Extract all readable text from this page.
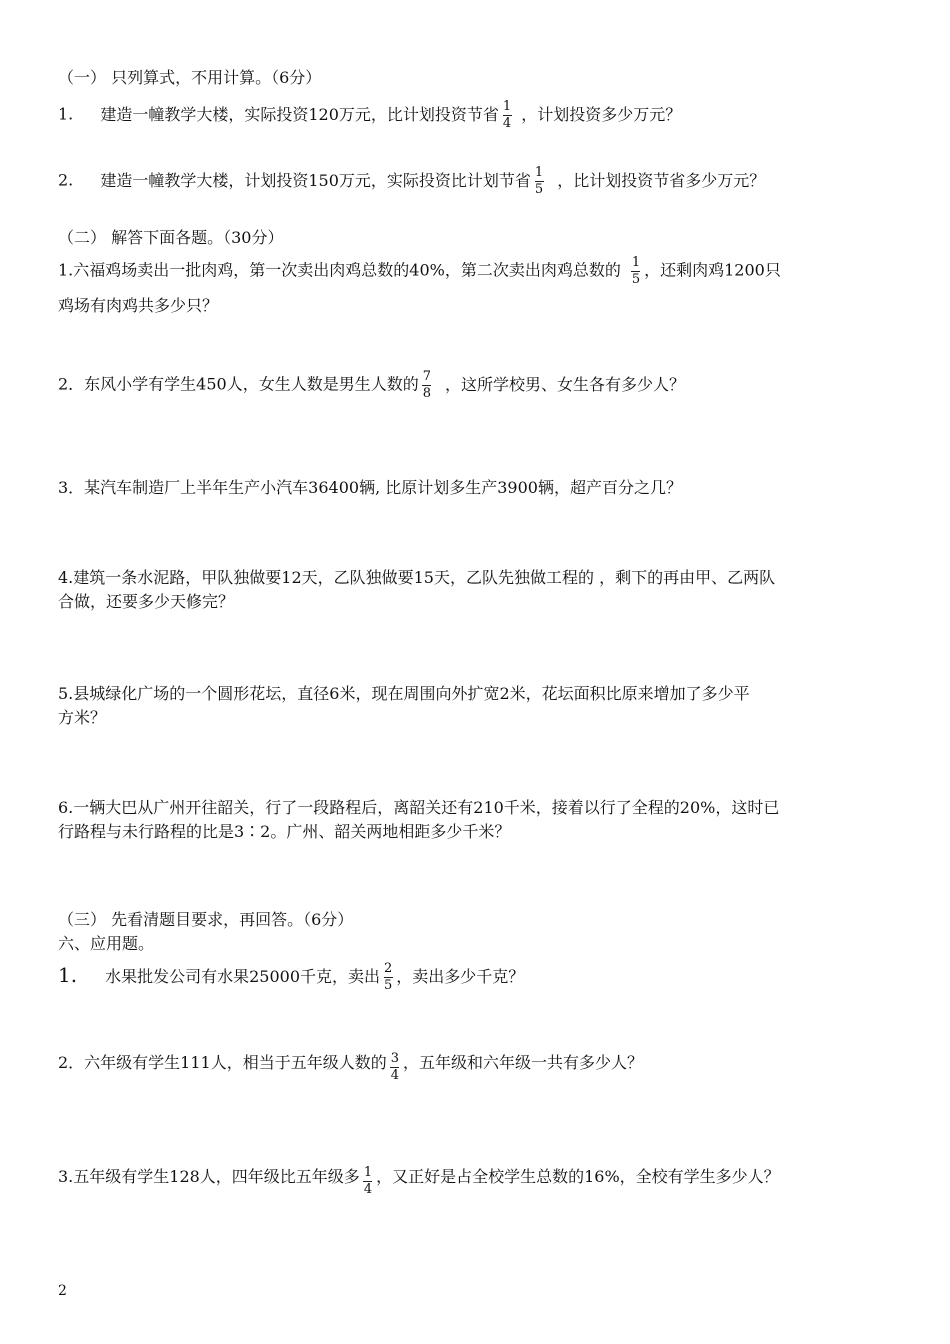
（一） 只列算式，不用计算。（6分）
1. 建造一幢教学大楼，实际投资120万元，比计划投资节省 $\frac{1}{4}$ ，计划投资多少万元？
2. 建造一幢教学大楼，计划投资150万元，实际投资比计划节省 $\frac{1}{5}$ ，比计划投资节省多少万元？
（二） 解答下面各题。（30分）
1.六福鸡场卖出一批肉鸡，第一次卖出肉鸡总数的40%，第二次卖出肉鸡总数的 $\frac{1}{5}$ ，还剩肉鸡1200只
鸡场有肉鸡共多少只？
2．东风小学有学生450人，女生人数是男生人数的 $\frac{7}{8}$ ，这所学校男、女生各有多少人？
3．某汽车制造厂上半年生产小汽车36400辆, 比原计划多生产3900辆，超产百分之几？
4.建筑一条水泥路，甲队独做要12天，乙队独做要15天，乙队先独做工程的 ，剩下的再由甲、乙两队
合做，还要多少天修完？
5.县城绿化广场的一个圆形花坛，直径6米，现在周围向外扩宽2米，花坛面积比原来增加了多少平
方米？
6.一辆大巴从广州开往韶关，行了一段路程后，离韶关还有210千米，接着以行了全程的20%，这时已
行路程与未行路程的比是3∶2。广州、韶关两地相距多少千米？
（三） 先看清题目要求，再回答。（6分）
六、应用题。
1. 水果批发公司有水果25000千克，卖出 $\frac{2}{5}$ ，卖出多少千克？
2．六年级有学生111人，相当于五年级人数的 $\frac{3}{4}$ ，五年级和六年级一共有多少人？
3.五年级有学生128人，四年级比五年级多 $\frac{1}{4}$ ，又正好是占全校学生总数的16%，全校有学生多少人？
2
